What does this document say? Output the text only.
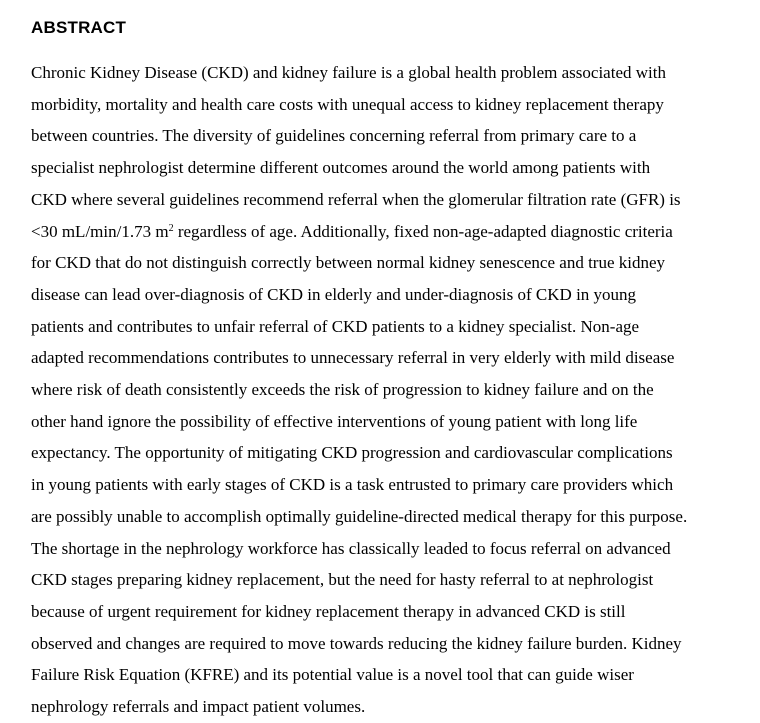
ABSTRACT
Chronic Kidney Disease (CKD) and kidney failure is a global health problem associated with
morbidity, mortality and health care costs with unequal access to kidney replacement therapy
between countries. The diversity of guidelines concerning referral from primary care to a
specialist nephrologist determine different outcomes around the world among patients with
CKD where several guidelines recommend referral when the glomerular filtration rate (GFR) is
<30 mL/min/1.73 $m^2$ regardless of age. Additionally, fixed non-age-adapted diagnostic criteria
for CKD that do not distinguish correctly between normal kidney senescence and true kidney
disease can lead over-diagnosis of CKD in elderly and under-diagnosis of CKD in young
patients and contributes to unfair referral of CKD patients to a kidney specialist. Non-age
adapted recommendations contributes to unnecessary referral in very elderly with mild disease
where risk of death consistently exceeds the risk of progression to kidney failure and on the
other hand ignore the possibility of effective interventions of young patient with long life
expectancy. The opportunity of mitigating CKD progression and cardiovascular complications
in young patients with early stages of CKD is a task entrusted to primary care providers which
are possibly unable to accomplish optimally guideline-directed medical therapy for this purpose.
The shortage in the nephrology workforce has classically leaded to focus referral on advanced
CKD stages preparing kidney replacement, but the need for hasty referral to at nephrologist
because of urgent requirement for kidney replacement therapy in advanced CKD is still
observed and changes are required to move towards reducing the kidney failure burden. Kidney
Failure Risk Equation (KFRE) and its potential value is a novel tool that can guide wiser
nephrology referrals and impact patient volumes.
